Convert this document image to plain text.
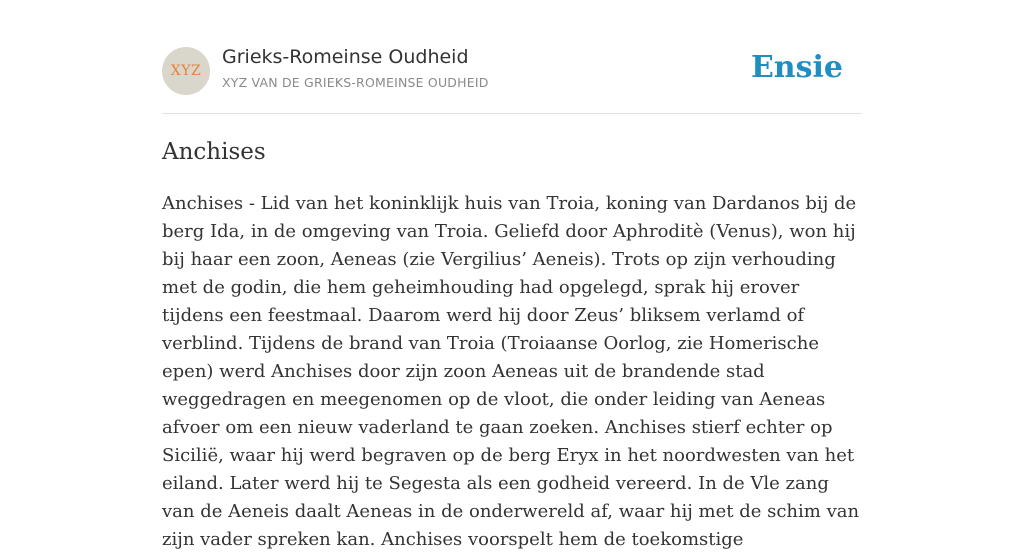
XYZ
Grieks-Romeinse Oudheid
XYZ VAN DE GRIEKS-ROMEINSE OUDHEID	Ensie
Anchises

Anchises - Lid van het koninklijk huis van Troia, koning van Dardanos bij de berg Ida, in de omgeving van Troia. Geliefd door Aphroditè (Venus), won hij bij haar een zoon, Aeneas (zie Vergilius’ Aeneis). Trots op zijn verhouding met de godin, die hem geheimhouding had opgelegd, sprak hij erover tijdens een feestmaal. Daarom werd hij door Zeus’ bliksem verlamd of verblind. Tijdens de brand van Troia (Troiaanse Oorlog, zie Homerische epen) werd Anchises door zijn zoon Aeneas uit de brandende stad weggedragen en meegenomen op de vloot, die onder leiding van Aeneas afvoer om een nieuw vaderland te gaan zoeken. Anchises stierf echter op Sicilië, waar hij werd begraven op de berg Eryx in het noordwesten van het eiland. Later werd hij te Segesta als een godheid vereerd. In de Vle zang van de Aeneis daalt Aeneas in de onderwereld af, waar hij met de schim van zijn vader spreken kan. Anchises voorspelt hem de toekomstige
